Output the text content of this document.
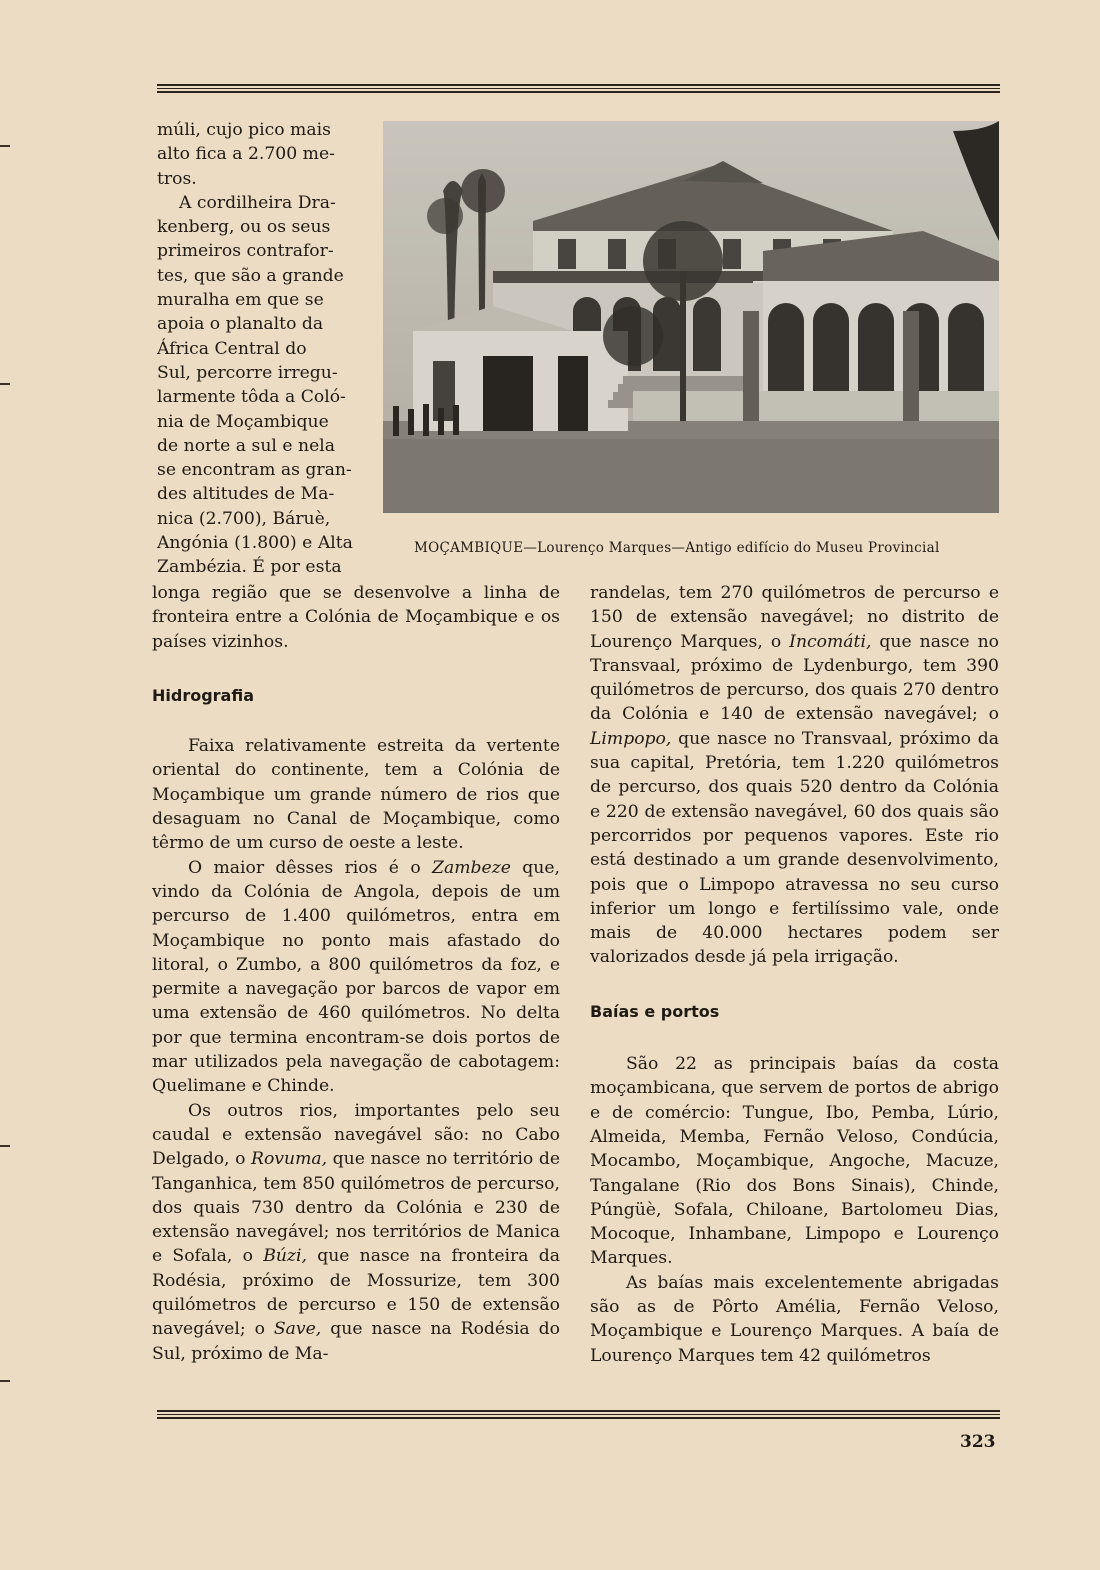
MOÇAMBIQUE—Lourenço Marques—Antigo edifício do Museu Provincial
múli, cujo pico mais
alto fica a 2.700 me-
tros.
A cordilheira Dra-
kenberg, ou os seus
primeiros contrafor-
tes, que são a grande
muralha em que se
apoia o planalto da
África Central do
Sul, percorre irregu-
larmente tôda a Coló-
nia de Moçambique
de norte a sul e nela
se encontram as gran-
des altitudes de Ma-
nica (2.700), Báruè,
Angónia (1.800) e Alta
Zambézia. É por esta

longa região que se desenvolve a linha de fronteira entre a Colónia de Moçambique e os países vizinhos.

Hidrografia

Faixa relativamente estreita da vertente oriental do continente, tem a Colónia de Moçambique um grande número de rios que desaguam no Canal de Moçambique, como têrmo de um curso de oeste a leste.

O maior dêsses rios é o Zambeze que, vindo da Colónia de Angola, depois de um percurso de 1.400 quilómetros, entra em Moçambique no ponto mais afastado do litoral, o Zumbo, a 800 quilómetros da foz, e permite a navegação por barcos de vapor em uma extensão de 460 quilómetros. No delta por que termina encontram-se dois portos de mar utilizados pela navegação de cabotagem: Quelimane e Chinde.

Os outros rios, importantes pelo seu caudal e extensão navegável são: no Cabo Delgado, o Rovuma, que nasce no território de Tanganhica, tem 850 quilómetros de percurso, dos quais 730 dentro da Colónia e 230 de extensão navegável; nos territórios de Manica e Sofala, o Búzi, que nasce na fronteira da Rodésia, próximo de Mossurize, tem 300 quilómetros de percurso e 150 de extensão navegável; o Save, que nasce na Rodésia do Sul, próximo de Ma-

randelas, tem 270 quilómetros de percurso e 150 de extensão navegável; no distrito de Lourenço Marques, o Incomáti, que nasce no Transvaal, próximo de Lydenburgo, tem 390 quilómetros de percurso, dos quais 270 dentro da Colónia e 140 de extensão navegável; o Limpopo, que nasce no Transvaal, próximo da sua capital, Pretória, tem 1.220 quilómetros de percurso, dos quais 520 dentro da Colónia e 220 de extensão navegável, 60 dos quais são percorridos por pequenos vapores. Este rio está destinado a um grande desenvolvimento, pois que o Limpopo atravessa no seu curso inferior um longo e fertilíssimo vale, onde mais de 40.000 hectares podem ser valorizados desde já pela irrigação.

Baías e portos

São 22 as principais baías da costa moçambicana, que servem de portos de abrigo e de comércio: Tungue, Ibo, Pemba, Lúrio, Almeida, Memba, Fernão Veloso, Condúcia, Mocambo, Moçambique, Angoche, Macuze, Tangalane (Rio dos Bons Sinais), Chinde, Púngüè, Sofala, Chiloane, Bartolomeu Dias, Mocoque, Inhambane, Limpopo e Lourenço Marques.

As baías mais excelentemente abrigadas são as de Pôrto Amélia, Fernão Veloso, Moçambique e Lourenço Marques. A baía de Lourenço Marques tem 42 quilómetros

323
